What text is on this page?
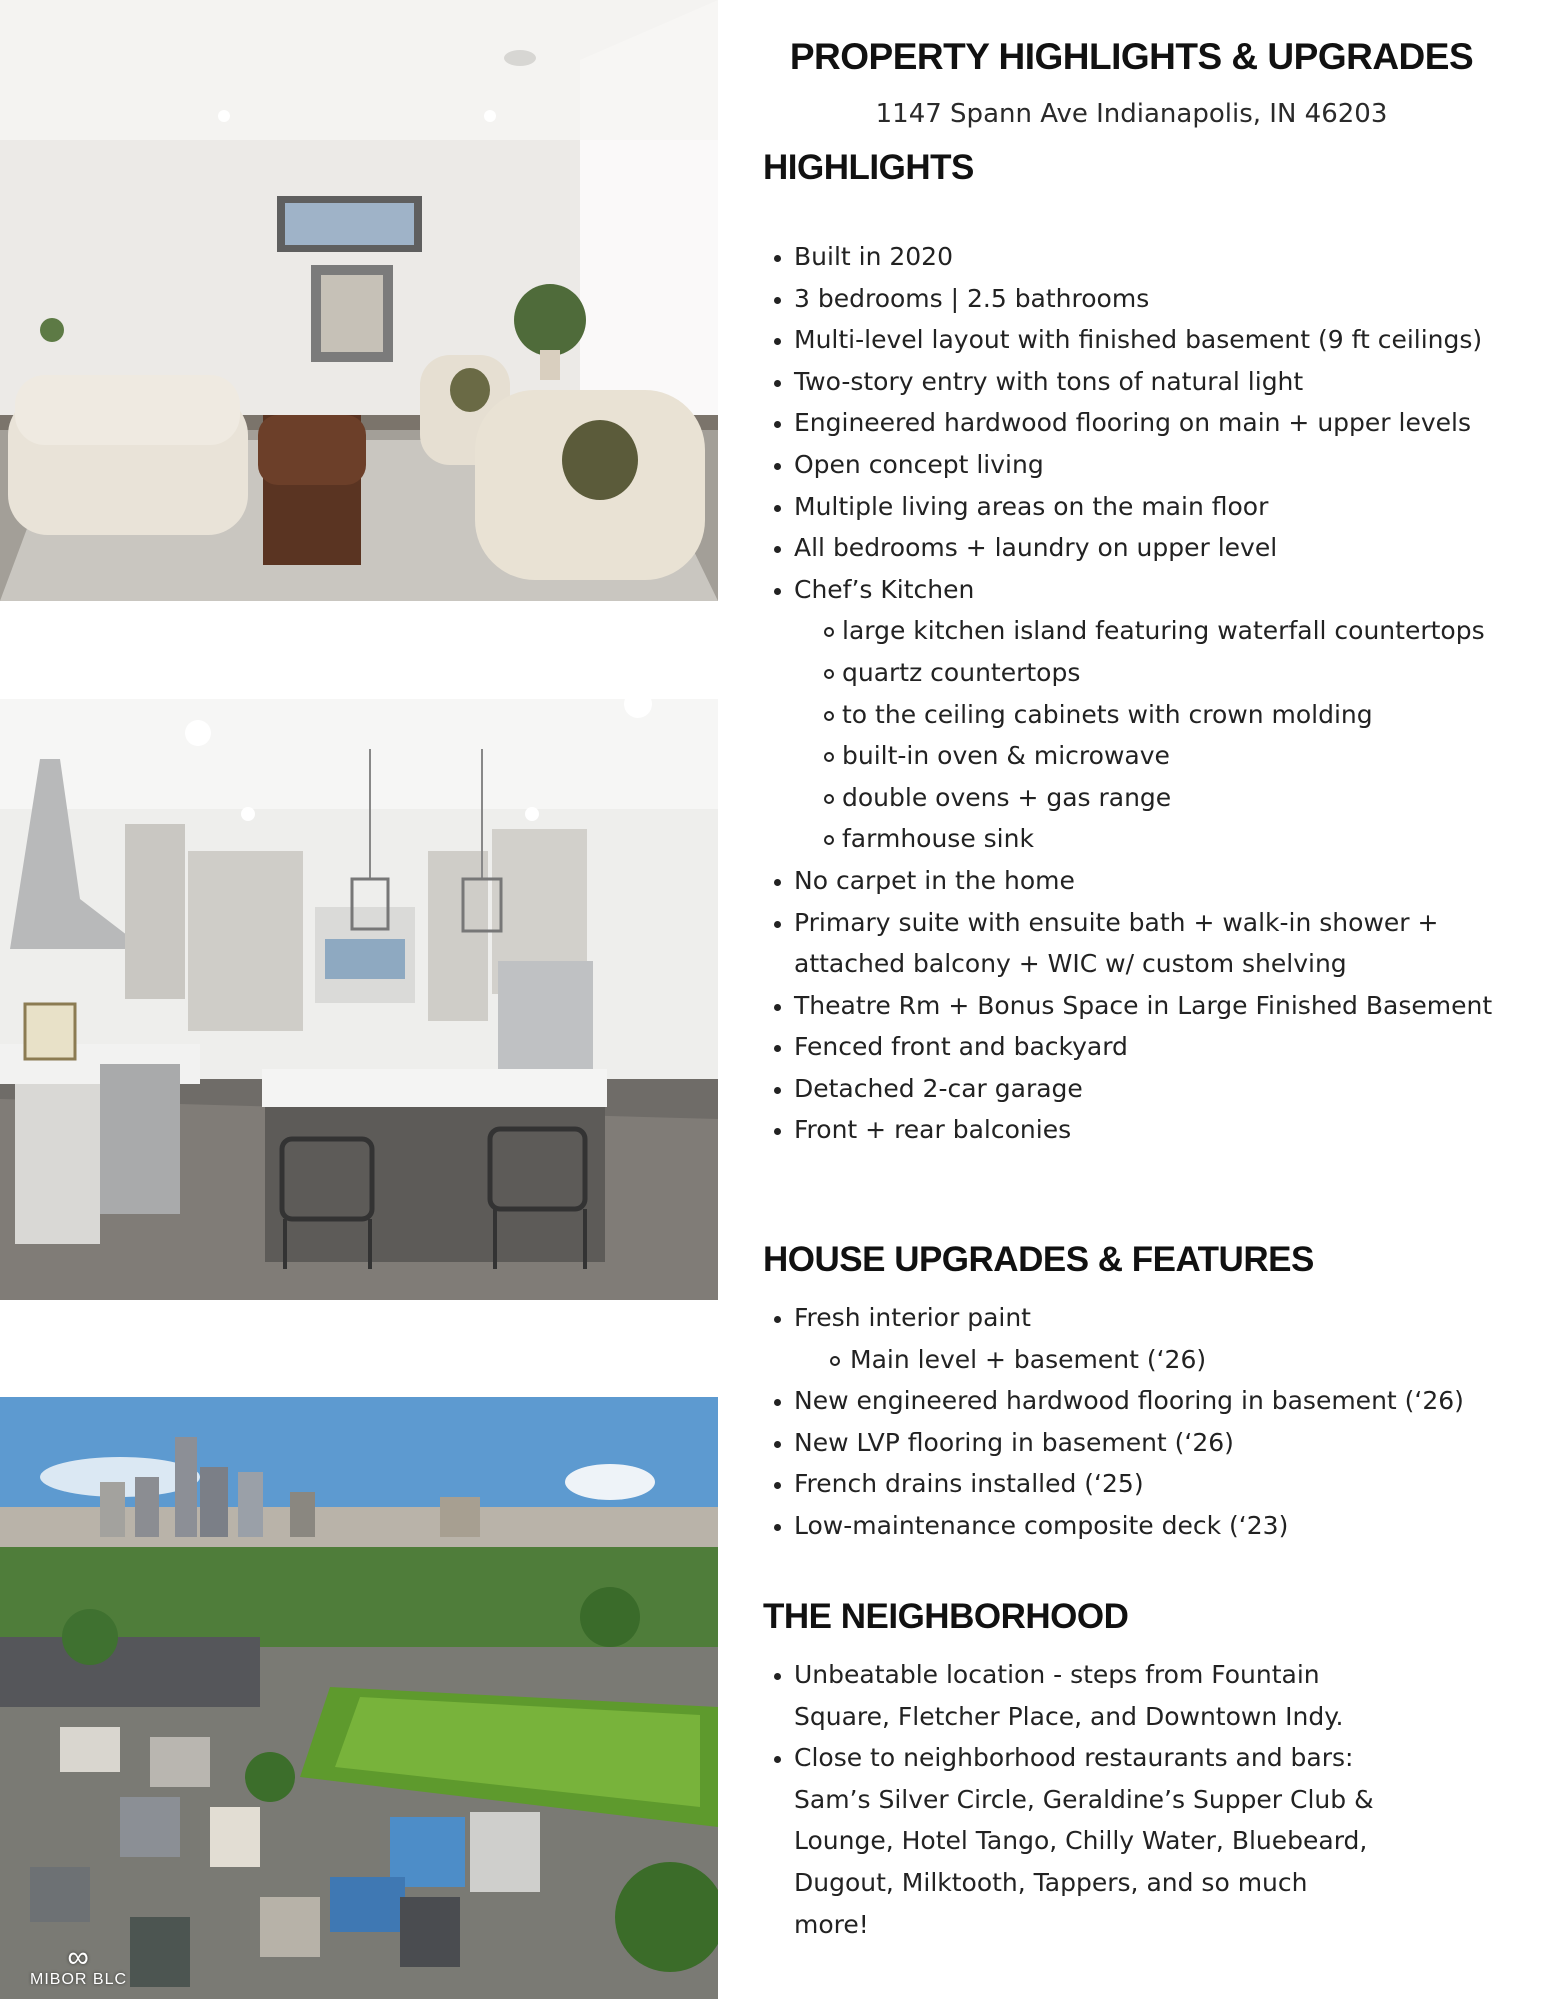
∞
MIBOR BLC
PROPERTY HIGHLIGHTS & UPGRADES
1147 Spann Ave Indianapolis, IN 46203
HIGHLIGHTS
Built in 2020
3 bedrooms | 2.5 bathrooms
Multi-level layout with finished basement (9 ft ceilings)
Two-story entry with tons of natural light
Engineered hardwood flooring on main + upper levels
Open concept living
Multiple living areas on the main floor
All bedrooms + laundry on upper level
Chef’s Kitchen
large kitchen island featuring waterfall countertops
quartz countertops
to the ceiling cabinets with crown molding
built-in oven & microwave
double ovens + gas range
farmhouse sink
No carpet in the home
Primary suite with ensuite bath + walk-in shower +
attached balcony + WIC w/ custom shelving
Theatre Rm + Bonus Space in Large Finished Basement
Fenced front and backyard
Detached 2-car garage
Front + rear balconies
HOUSE UPGRADES & FEATURES
Fresh interior paint
Main level + basement (‘26)
New engineered hardwood flooring in basement (‘26)
New LVP flooring in basement (‘26)
French drains installed (‘25)
Low-maintenance composite deck (‘23)
THE NEIGHBORHOOD
Unbeatable location - steps from Fountain
Square, Fletcher Place, and Downtown Indy.
Close to neighborhood restaurants and bars:
Sam’s Silver Circle, Geraldine’s Supper Club &
Lounge, Hotel Tango, Chilly Water, Bluebeard,
Dugout, Milktooth, Tappers, and so much
more!
